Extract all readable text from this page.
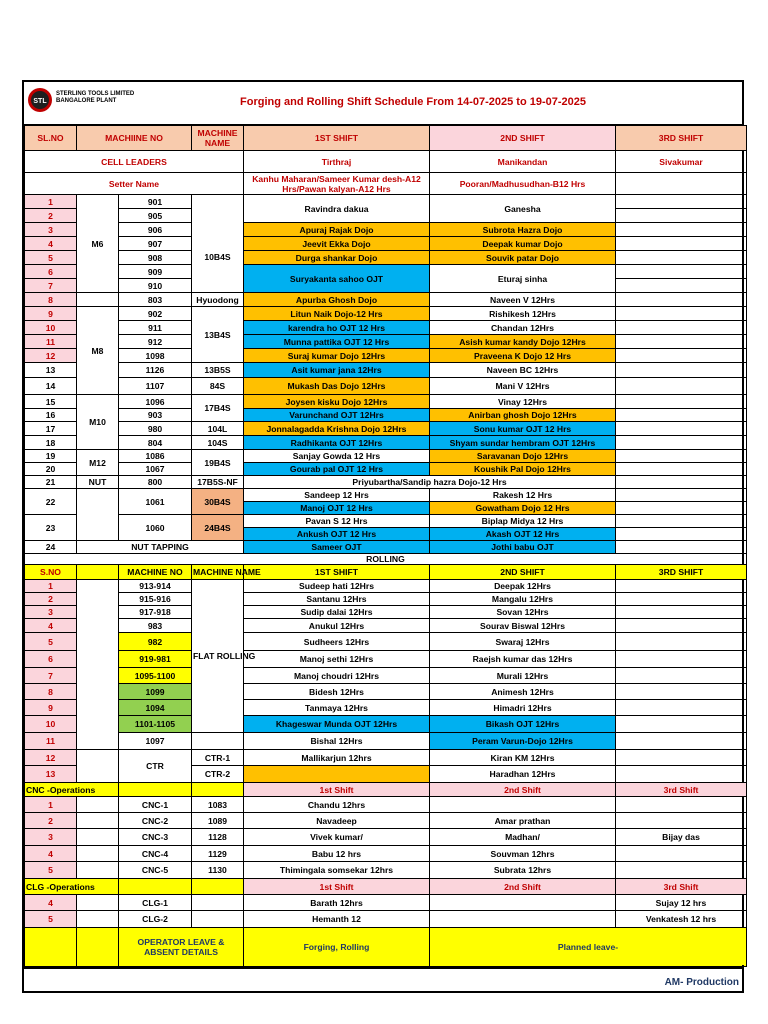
STL
STERLING TOOLS LIMITED
BANGALORE PLANT	Forging and Rolling Shift Schedule From 14-07-2025 to 19-07-2025
SL.NO	MACHIINE NO		MACHINE NAME	1ST SHIFT	2ND SHIFT	3RD SHIFT
CELL LEADERS				Tirthraj	Manikandan	Sivakumar
Setter Name				Kanhu Maharan/Sameer Kumar desh-A12 Hrs/Pawan kalyan-A12 Hrs	Pooran/Madhusudhan-B12 Hrs	
1	M6	901		Ravindra dakua	Ganesha	
2		905				
3		906	10B4S	Apuraj Rajak Dojo	Subrota Hazra Dojo	
4		907		Jeevit Ekka Dojo	Deepak kumar Dojo	
5		908		Durga shankar Dojo	Souvik patar Dojo	
6		909		Suryakanta sahoo OJT	Eturaj sinha	
7		910				
8		803	Hyuodong	Apurba Ghosh Dojo	Naveen V 12Hrs	
9	M8	902	13B4S	Litun Naik Dojo-12 Hrs	Rishikesh 12Hrs	
10		911		karendra ho OJT 12 Hrs	Chandan 12Hrs	
11		912		Munna pattika OJT 12 Hrs	Asish kumar kandy Dojo 12Hrs	
12		1098		Suraj kumar Dojo 12Hrs	Praveena K Dojo 12 Hrs	
13		1126	13B5S	Asit kumar jana 12Hrs	Naveen BC 12Hrs	
14		1107	84S	Mukash Das Dojo 12Hrs	Mani V 12Hrs	
15	M10	1096	17B4S	Joysen kisku Dojo 12Hrs	Vinay 12Hrs	
16		903		Varunchand OJT 12Hrs	Anirban ghosh Dojo 12Hrs	
17		980	104L	Jonnalagadda Krishna Dojo 12Hrs	Sonu kumar OJT 12 Hrs	
18		804	104S	Radhikanta OJT 12Hrs	Shyam sundar hembram OJT 12Hrs	
19	M12	1086	19B4S	Sanjay Gowda 12 Hrs	Saravanan Dojo 12Hrs	
20		1067		Gourab pal OJT 12 Hrs	Koushik Pal Dojo 12Hrs	
21	NUT	800	17B5S-NF	Priyubartha/Sandip hazra Dojo-12 Hrs		
22		1061	30B4S	Sandeep 12 Hrs	Rakesh 12 Hrs	
				Manoj OJT 12 Hrs	Gowatham Dojo 12 Hrs	
23		1060	24B4S	Pavan S 12 Hrs	Biplap Midya 12 Hrs	
				Ankush OJT 12 Hrs	Akash OJT 12 Hrs	
24	NUT TAPPING			Sameer OJT	Jothi babu OJT	
ROLLING						
S.NO		MACHINE NO	MACHINE NAME	1ST SHIFT	2ND SHIFT	3RD SHIFT
1		913-914	FLAT ROLLING	Sudeep hati 12Hrs	Deepak 12Hrs	
2		915-916		Santanu 12Hrs	Mangalu 12Hrs	
3		917-918		Sudip dalai 12Hrs	Sovan 12Hrs	
4		983		Anukul 12Hrs	Sourav Biswal 12Hrs	
5		982		Sudheers 12Hrs	Swaraj 12Hrs	
6		919-981		Manoj sethi 12Hrs	Raejsh kumar das 12Hrs	
7		1095-1100		Manoj choudri 12Hrs	Murali 12Hrs	
8		1099		Bidesh 12Hrs	Animesh 12Hrs	
9		1094		Tanmaya 12Hrs	Himadri 12Hrs	
10		1101-1105		Khageswar Munda OJT 12Hrs	Bikash OJT 12Hrs	
11		1097		Bishal 12Hrs	Peram Varun-Dojo 12Hrs	
12		CTR	CTR-1	Mallikarjun 12hrs	Kiran KM 12Hrs	
13			CTR-2		Haradhan 12Hrs	
CNC -Operations				1st Shift	2nd Shift	3rd Shift
1		CNC-1	1083	Chandu 12hrs		
2		CNC-2	1089	Navadeep	Amar prathan	
3		CNC-3	1128	Vivek kumar/	Madhan/	Bijay das
4		CNC-4	1129	Babu 12 hrs	Souvman 12hrs	
5		CNC-5	1130	Thimingala somsekar 12hrs	Subrata 12hrs	
CLG -Operations				1st Shift	2nd Shift	3rd Shift
4		CLG-1		Barath 12hrs		Sujay 12 hrs
5		CLG-2		Hemanth 12		Venkatesh 12 hrs
		OPERATOR LEAVE & ABSENT DETAILS		Forging, Rolling	Planned leave-	
AM- Production
